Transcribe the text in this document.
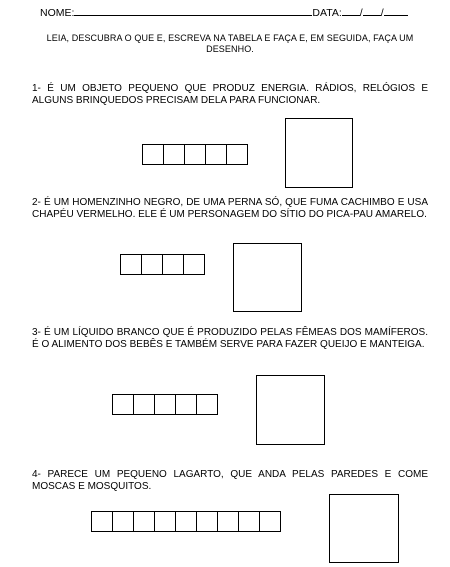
NOME:	DATA: / /
LEIA, DESCUBRA O QUE E, ESCREVA NA TABELA E FAÇA E, EM SEGUIDA, FAÇA UM DESENHO.
1- É UM OBJETO PEQUENO QUE PRODUZ ENERGIA. RÁDIOS, RELÓGIOS E ALGUNS BRINQUEDOS PRECISAM DELA PARA FUNCIONAR.
2- É UM HOMENZINHO NEGRO, DE UMA PERNA SÓ, QUE FUMA CACHIMBO E USA CHAPÉU VERMELHO. ELE É UM PERSONAGEM DO SÍTIO DO PICA-PAU AMARELO.
3- É UM LÍQUIDO BRANCO QUE É PRODUZIDO PELAS FÊMEAS DOS MAMÍFEROS. É O ALIMENTO DOS BEBÊS E TAMBÉM SERVE PARA FAZER QUEIJO E MANTEIGA.
4- PARECE UM PEQUENO LAGARTO, QUE ANDA PELAS PAREDES E COME MOSCAS E MOSQUITOS.
